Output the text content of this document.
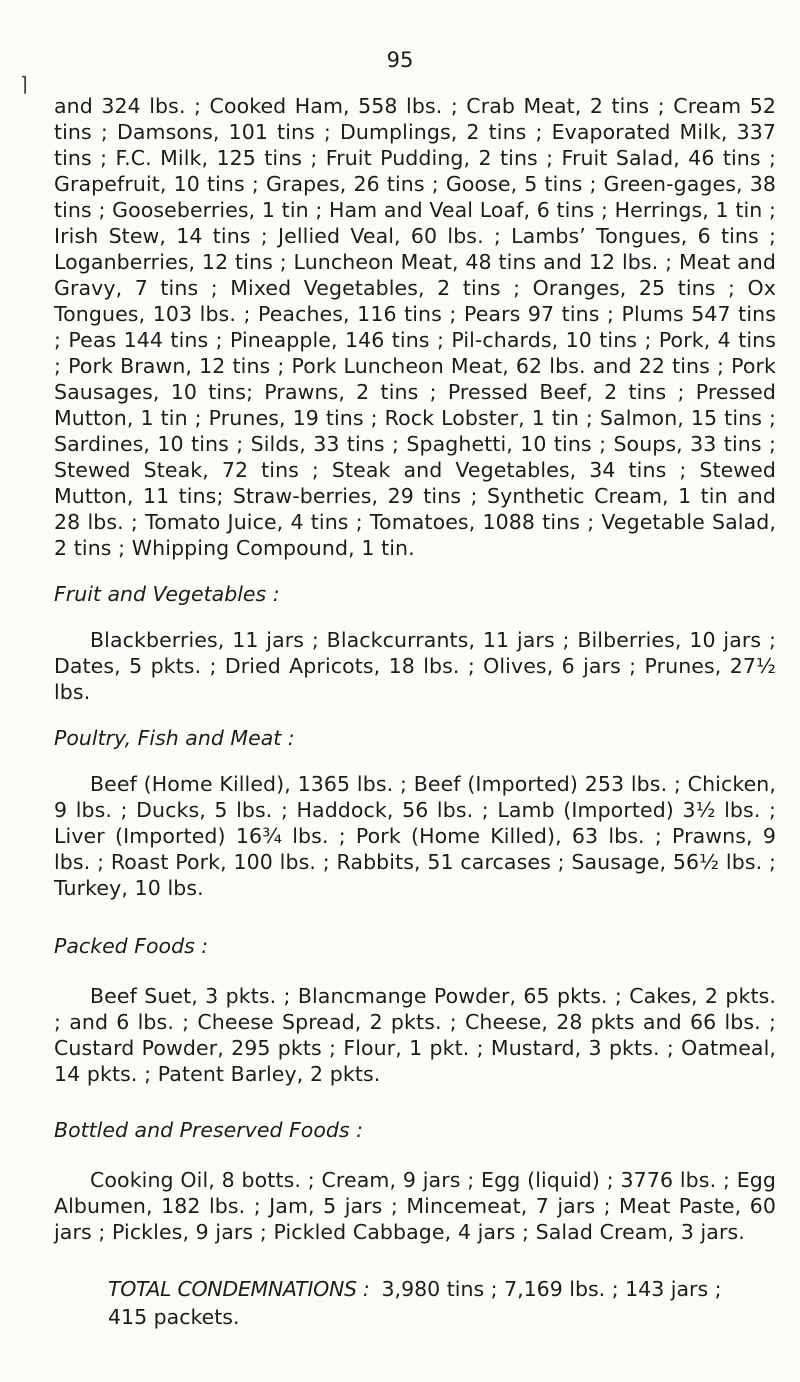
95
⌉

and 324 lbs. ; Cooked Ham, 558 lbs. ; Crab Meat, 2 tins ; Cream 52 tins ; Damsons, 101 tins ; Dumplings, 2 tins ; Evaporated Milk, 337 tins ; F.C. Milk, 125 tins ; Fruit Pudding, 2 tins ; Fruit Salad, 46 tins ; Grapefruit, 10 tins ; Grapes, 26 tins ; Goose, 5 tins ; Green-gages, 38 tins ; Gooseberries, 1 tin ; Ham and Veal Loaf, 6 tins ; Herrings, 1 tin ; Irish Stew, 14 tins ; Jellied Veal, 60 lbs. ; Lambs’ Tongues, 6 tins ; Loganberries, 12 tins ; Luncheon Meat, 48 tins and 12 lbs. ; Meat and Gravy, 7 tins ; Mixed Vegetables, 2 tins ; Oranges, 25 tins ; Ox Tongues, 103 lbs. ; Peaches, 116 tins ; Pears 97 tins ; Plums 547 tins ; Peas 144 tins ; Pineapple, 146 tins ; Pil-chards, 10 tins ; Pork, 4 tins ; Pork Brawn, 12 tins ; Pork Luncheon Meat, 62 lbs. and 22 tins ; Pork Sausages, 10 tins; Prawns, 2 tins ; Pressed Beef, 2 tins ; Pressed Mutton, 1 tin ; Prunes, 19 tins ; Rock Lobster, 1 tin ; Salmon, 15 tins ; Sardines, 10 tins ; Silds, 33 tins ; Spaghetti, 10 tins ; Soups, 33 tins ; Stewed Steak, 72 tins ; Steak and Vegetables, 34 tins ; Stewed Mutton, 11 tins; Straw-berries, 29 tins ; Synthetic Cream, 1 tin and 28 lbs. ; Tomato Juice, 4 tins ; Tomatoes, 1088 tins ; Vegetable Salad, 2 tins ; Whipping Compound, 1 tin.

Fruit and Vegetables :

Blackberries, 11 jars ; Blackcurrants, 11 jars ; Bilberries, 10 jars ; Dates, 5 pkts. ; Dried Apricots, 18 lbs. ; Olives, 6 jars ; Prunes, 27½ lbs.

Poultry, Fish and Meat :

Beef (Home Killed), 1365 lbs. ; Beef (Imported) 253 lbs. ; Chicken, 9 lbs. ; Ducks, 5 lbs. ; Haddock, 56 lbs. ; Lamb (Imported) 3½ lbs. ; Liver (Imported) 16¾ lbs. ; Pork (Home Killed), 63 lbs. ; Prawns, 9 lbs. ; Roast Pork, 100 lbs. ; Rabbits, 51 carcases ; Sausage, 56½ lbs. ; Turkey, 10 lbs.

Packed Foods :

Beef Suet, 3 pkts. ; Blancmange Powder, 65 pkts. ; Cakes, 2 pkts. ; and 6 lbs. ; Cheese Spread, 2 pkts. ; Cheese, 28 pkts and 66 lbs. ; Custard Powder, 295 pkts ; Flour, 1 pkt. ; Mustard, 3 pkts. ; Oatmeal, 14 pkts. ; Patent Barley, 2 pkts.

Bottled and Preserved Foods :

Cooking Oil, 8 botts. ; Cream, 9 jars ; Egg (liquid) ; 3776 lbs. ; Egg Albumen, 182 lbs. ; Jam, 5 jars ; Mincemeat, 7 jars ; Meat Paste, 60 jars ; Pickles, 9 jars ; Pickled Cabbage, 4 jars ; Salad Cream, 3 jars.

TOTAL CONDEMNATIONS : 3,980 tins ; 7,169 lbs. ; 143 jars ;
415 packets.
